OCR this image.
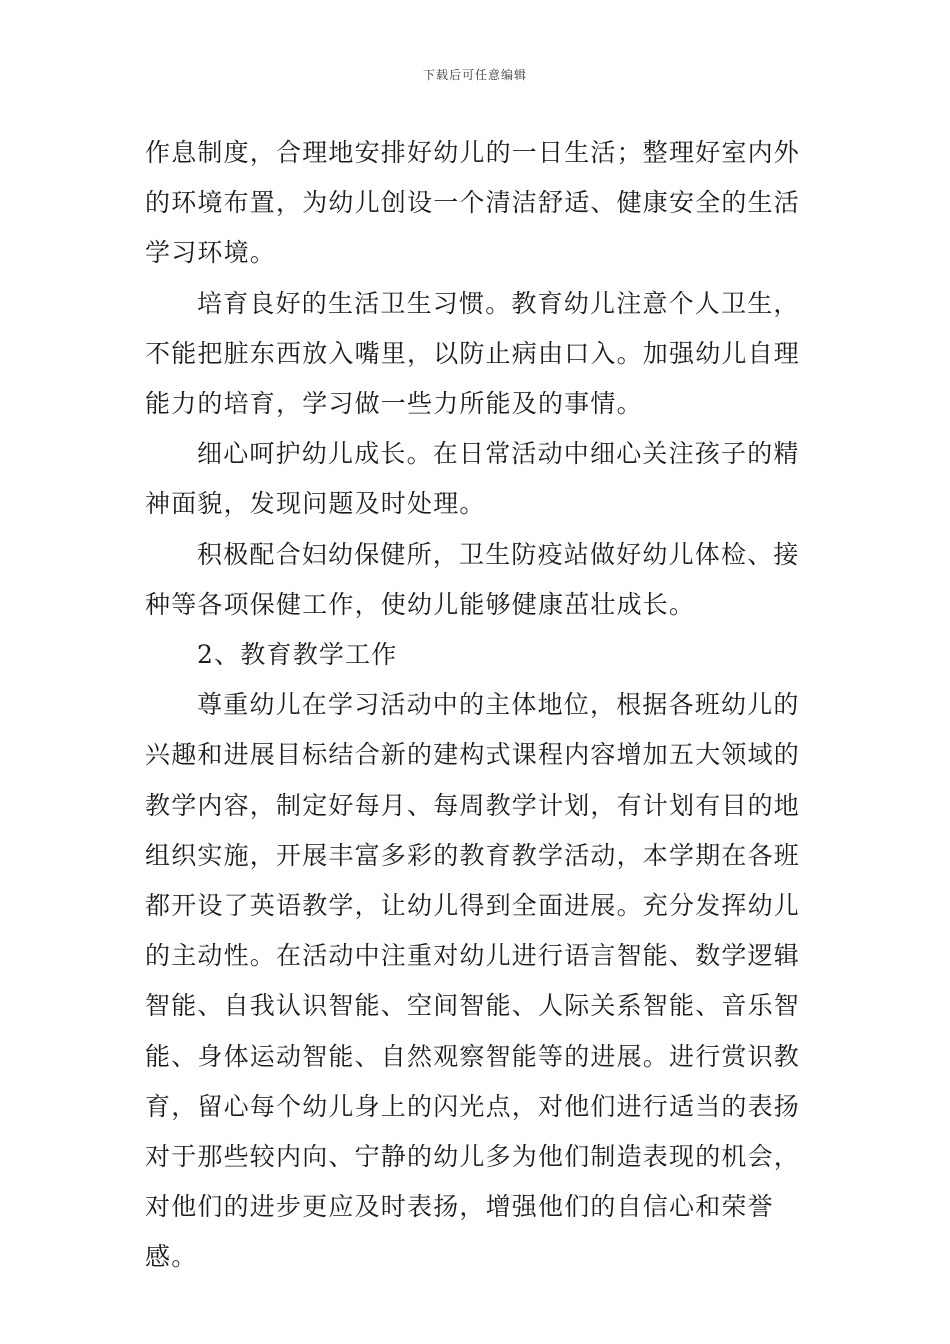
下载后可任意编辑

作息制度，合理地安排好幼儿的一日生活；整理好室内外的环境布置，为幼儿创设一个清洁舒适、健康安全的生活学习环境。

培育良好的生活卫生习惯。教育幼儿注意个人卫生，不能把脏东西放入嘴里，以防止病由口入。加强幼儿自理能力的培育，学习做一些力所能及的事情。

细心呵护幼儿成长。在日常活动中细心关注孩子的精神面貌，发现问题及时处理。

积极配合妇幼保健所，卫生防疫站做好幼儿体检、接种等各项保健工作，使幼儿能够健康茁壮成长。

2、教育教学工作

尊重幼儿在学习活动中的主体地位，根据各班幼儿的兴趣和进展目标结合新的建构式课程内容增加五大领域的教学内容，制定好每月、每周教学计划，有计划有目的地组织实施，开展丰富多彩的教育教学活动，本学期在各班都开设了英语教学，让幼儿得到全面进展。充分发挥幼儿的主动性。在活动中注重对幼儿进行语言智能、数学逻辑智能、自我认识智能、空间智能、人际关系智能、音乐智能、身体运动智能、自然观察智能等的进展。进行赏识教育，留心每个幼儿身上的闪光点，对他们进行适当的表扬对于那些较内向、宁静的幼儿多为他们制造表现的机会，对他们的进步更应及时表扬，增强他们的自信心和荣誉感。
